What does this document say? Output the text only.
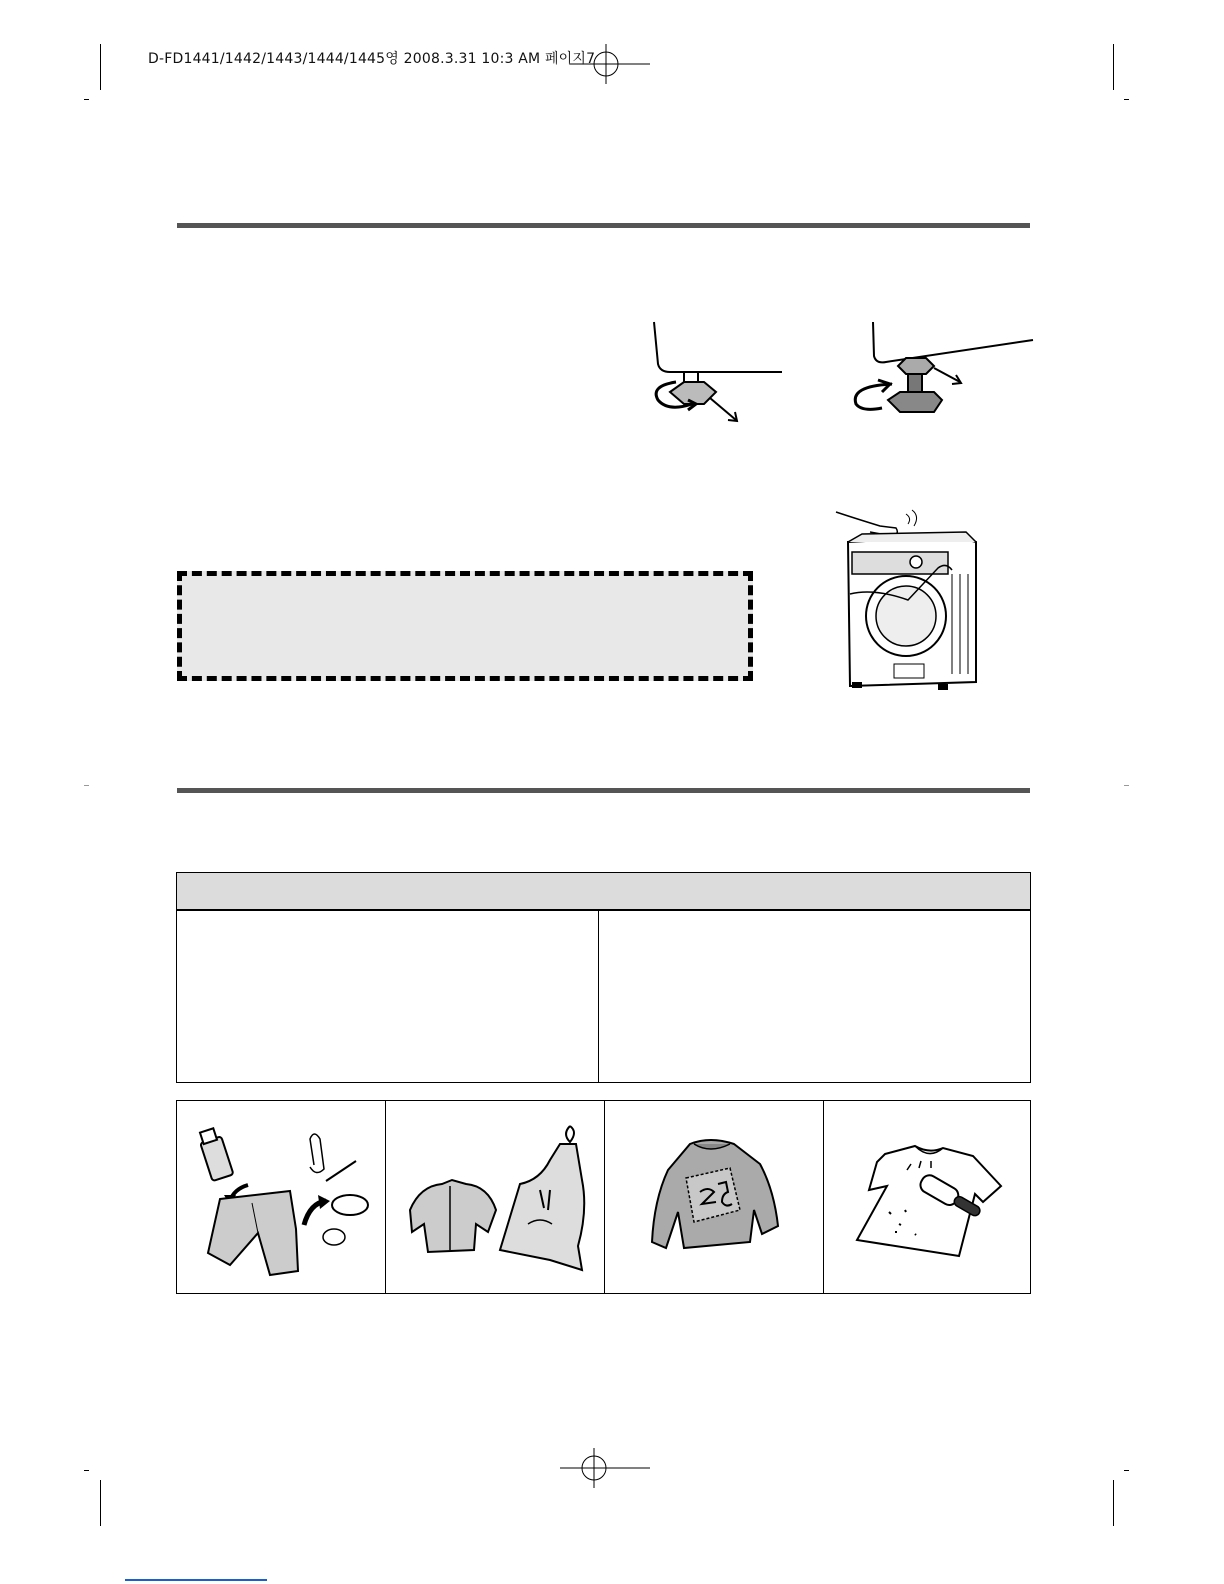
D-FD1441/1442/1443/1444/1445영 2008.3.31 10:3 AM 페이지7
